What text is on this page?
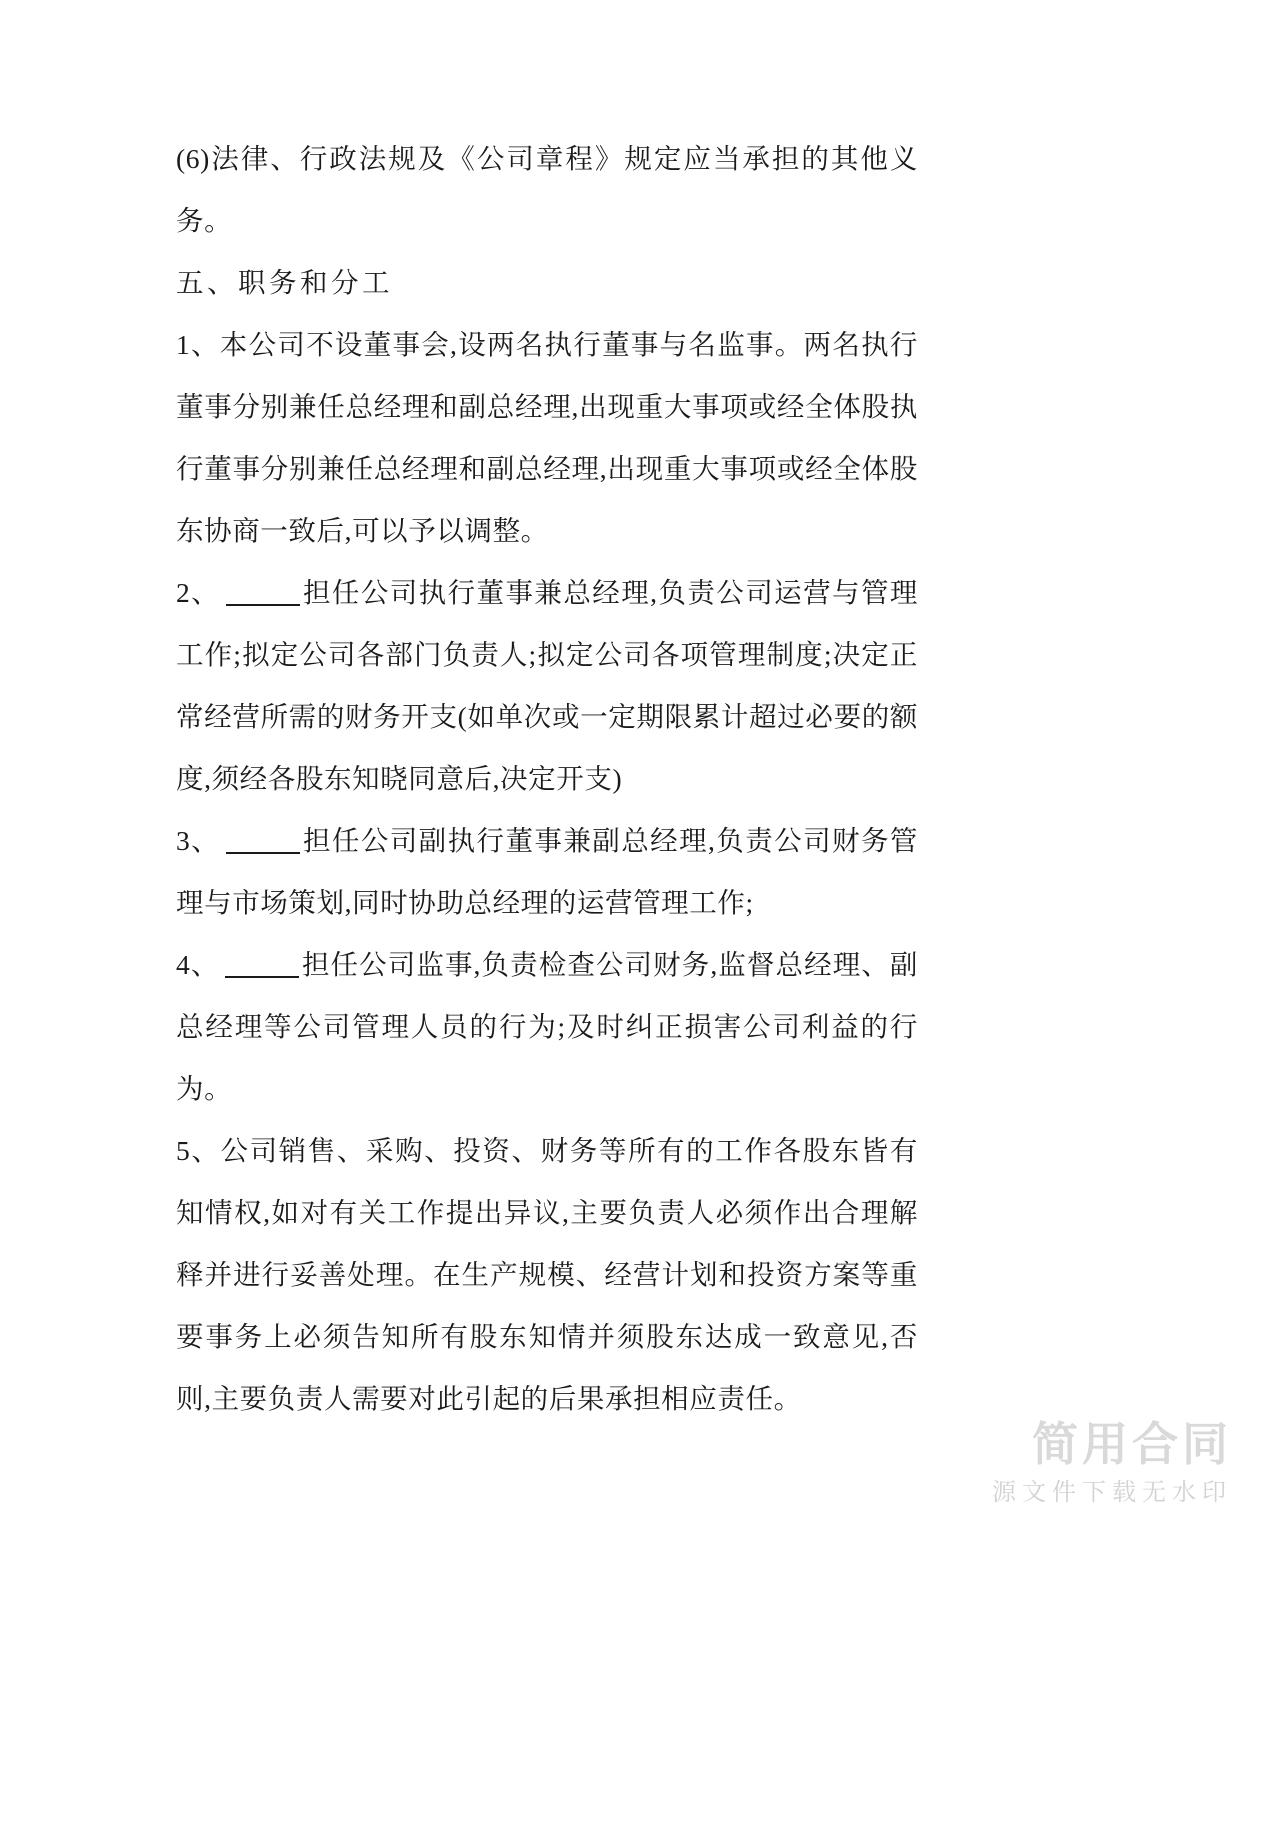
(6)法律、行政法规及《公司章程》规定应当承担的其他义务。

五、职务和分工

1、本公司不设董事会,设两名执行董事与名监事。两名执行董事分别兼任总经理和副总经理,出现重大事项或经全体股执行董事分别兼任总经理和副总经理,出现重大事项或经全体股东协商一致后,可以予以调整。

2、	担任公司执行董事兼总经理,负责公司运营与管理工作;拟定公司各部门负责人;拟定公司各项管理制度;决定正常经营所需的财务开支(如单次或一定期限累计超过必要的额度,须经各股东知晓同意后,决定开支)

3、	担任公司副执行董事兼副总经理,负责公司财务管理与市场策划,同时协助总经理的运营管理工作;

4、	担任公司监事,负责检查公司财务,监督总经理、副总经理等公司管理人员的行为;及时纠正损害公司利益的行为。

5、公司销售、采购、投资、财务等所有的工作各股东皆有知情权,如对有关工作提出异议,主要负责人必须作出合理解释并进行妥善处理。在生产规模、经营计划和投资方案等重要事务上必须告知所有股东知情并须股东达成一致意见,否则,主要负责人需要对此引起的后果承担相应责任。

简用合同
源文件下载无水印
